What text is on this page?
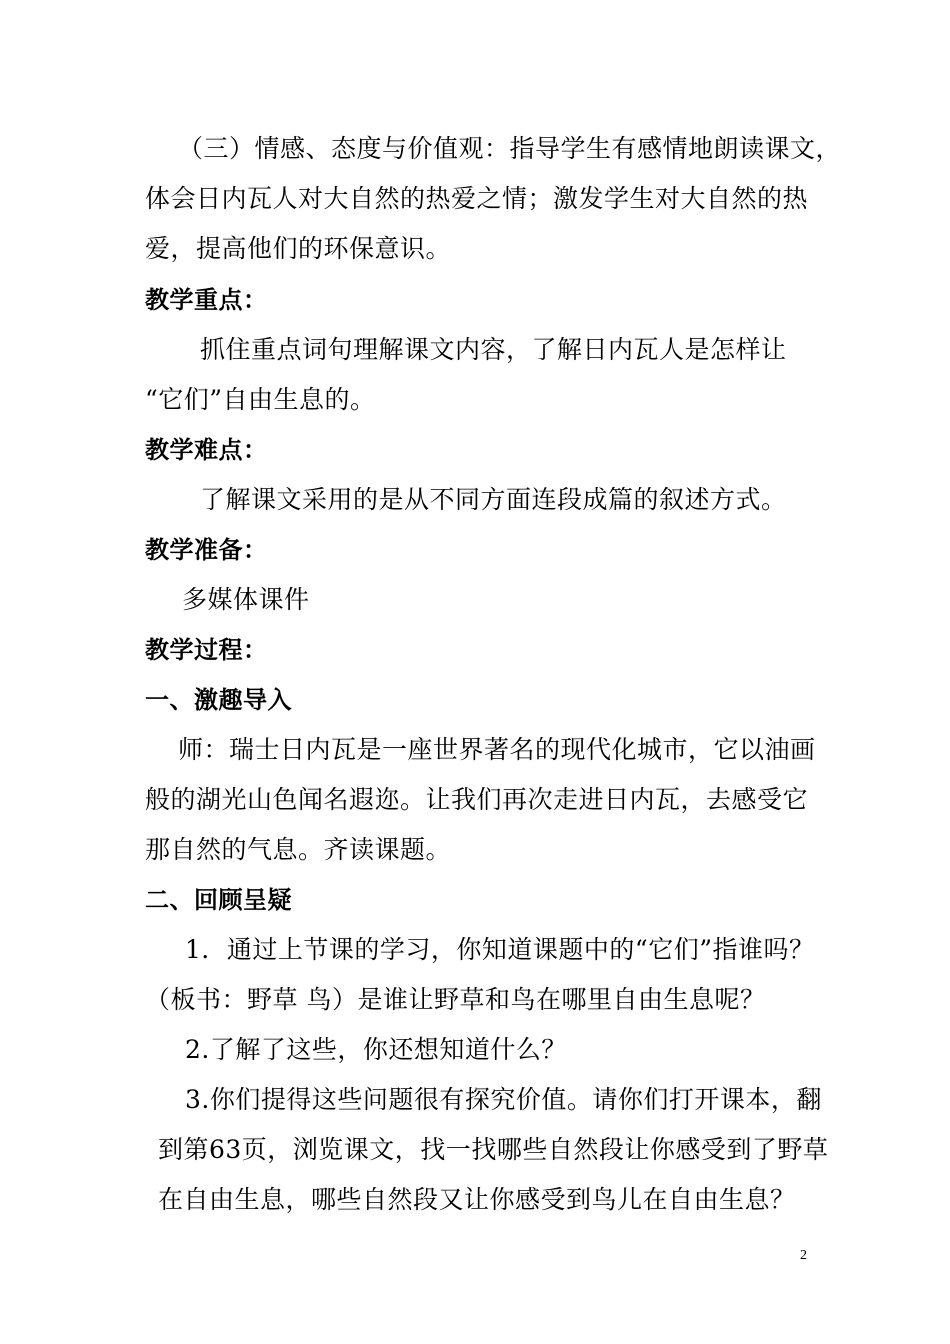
（三）情感、态度与价值观：指导学生有感情地朗读课文，
体会日内瓦人对大自然的热爱之情；激发学生对大自然的热
爱，提高他们的环保意识。
教学重点：
抓住重点词句理解课文内容，了解日内瓦人是怎样让
“它们”自由生息的。
教学难点：
了解课文采用的是从不同方面连段成篇的叙述方式。
教学准备：
多媒体课件
教学过程：
一、激趣导入
师：瑞士日内瓦是一座世界著名的现代化城市，它以油画
般的湖光山色闻名遐迩。让我们再次走进日内瓦，去感受它
那自然的气息。齐读课题。
二、回顾呈疑
1．通过上节课的学习，你知道课题中的“它们”指谁吗？
（板书：野草 鸟）是谁让野草和鸟在哪里自由生息呢？
2.了解了这些，你还想知道什么？
3.你们提得这些问题很有探究价值。请你们打开课本，翻
到第63页，浏览课文，找一找哪些自然段让你感受到了野草
在自由生息，哪些自然段又让你感受到鸟儿在自由生息？
2
